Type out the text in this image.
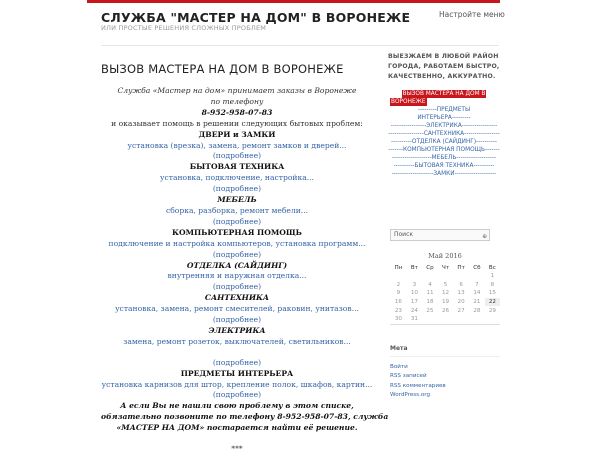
СЛУЖБА "МАСТЕР НА ДОМ" В ВОРОНЕЖЕ
ИЛИ ПРОСТЫЕ РЕШЕНИЯ СЛОЖНЫХ ПРОБЛЕМ
Настройте меню
ВЫЗОВ МАСТЕРА НА ДОМ В ВОРОНЕЖЕ
Служба «Мастер на дом» принимает заказы в Воронеже
по телефону
8-952-958-07-83
и оказывает помощь в решении следующих бытовых проблем:
ДВЕРИ и ЗАМКИ
установка (врезка), замена, ремонт замков и дверей...
(подробнее)
БЫТОВАЯ ТЕХНИКА
установка, подключение, настройка...
(подробнее)
МЕБЕЛЬ
сборка, разборка, ремонт мебели...
(подробнее)
КОМПЬЮТЕРНАЯ ПОМОЩЬ
подключение и настройка компьютеров, установка программ...
(подробнее)
ОТДЕЛКА (САЙДИНГ)
внутренняя и наружная отделка...
(подробнее)
САНТЕХНИКА
установка, замена, ремонт смесителей, раковин, унитазов...
(подробнее)
ЭЛЕКТРИКА
замена, ремонт розеток, выключателей, светильников...
(подробнее)
ПРЕДМЕТЫ ИНТЕРЬЕРА
установка карнизов для штор, крепление полок, шкафов, картин...
(подробнее)
А если Вы не нашли свою проблему в этом списке,
обязательно позвоните по телефону 8-952-958-07-83, служба
«МАСТЕР НА ДОМ» постарается найти её решение.
***
ВЫЕЗЖАЕМ В ЛЮБОЙ РАЙОН ГОРОДА, РАБОТАЕМ БЫСТРО, КАЧЕСТВЕННО, АККУРАТНО.
ВЫЗОВ МАСТЕРА НА ДОМ В
ВОРОНЕЖЕ
---------ПРЕДМЕТЫ
ИНТЕРЬЕРА---------
-----------------ЭЛЕКТРИКА-----------------
-----------------САНТЕХНИКА-----------------
----------ОТДЕЛКА (САЙДИНГ)----------
-------КОМПЬЮТЕРНАЯ ПОМОЩЬ-------
-------------------МЕБЕЛЬ-------------------
----------БЫТОВАЯ ТЕХНИКА----------
--------------------ЗАМКИ--------------------
Поиск	⊕
Май 2016
Пн	Вт	Ср	Чт	Пт	Сб	Вс
						1
2	3	4	5	6	7	8
9	10	11	12	13	14	15
16	17	18	19	20	21	22
23	24	25	26	27	28	29
30	31					
Мета
Войти
RSS записей
RSS комментариев
WordPress.org
